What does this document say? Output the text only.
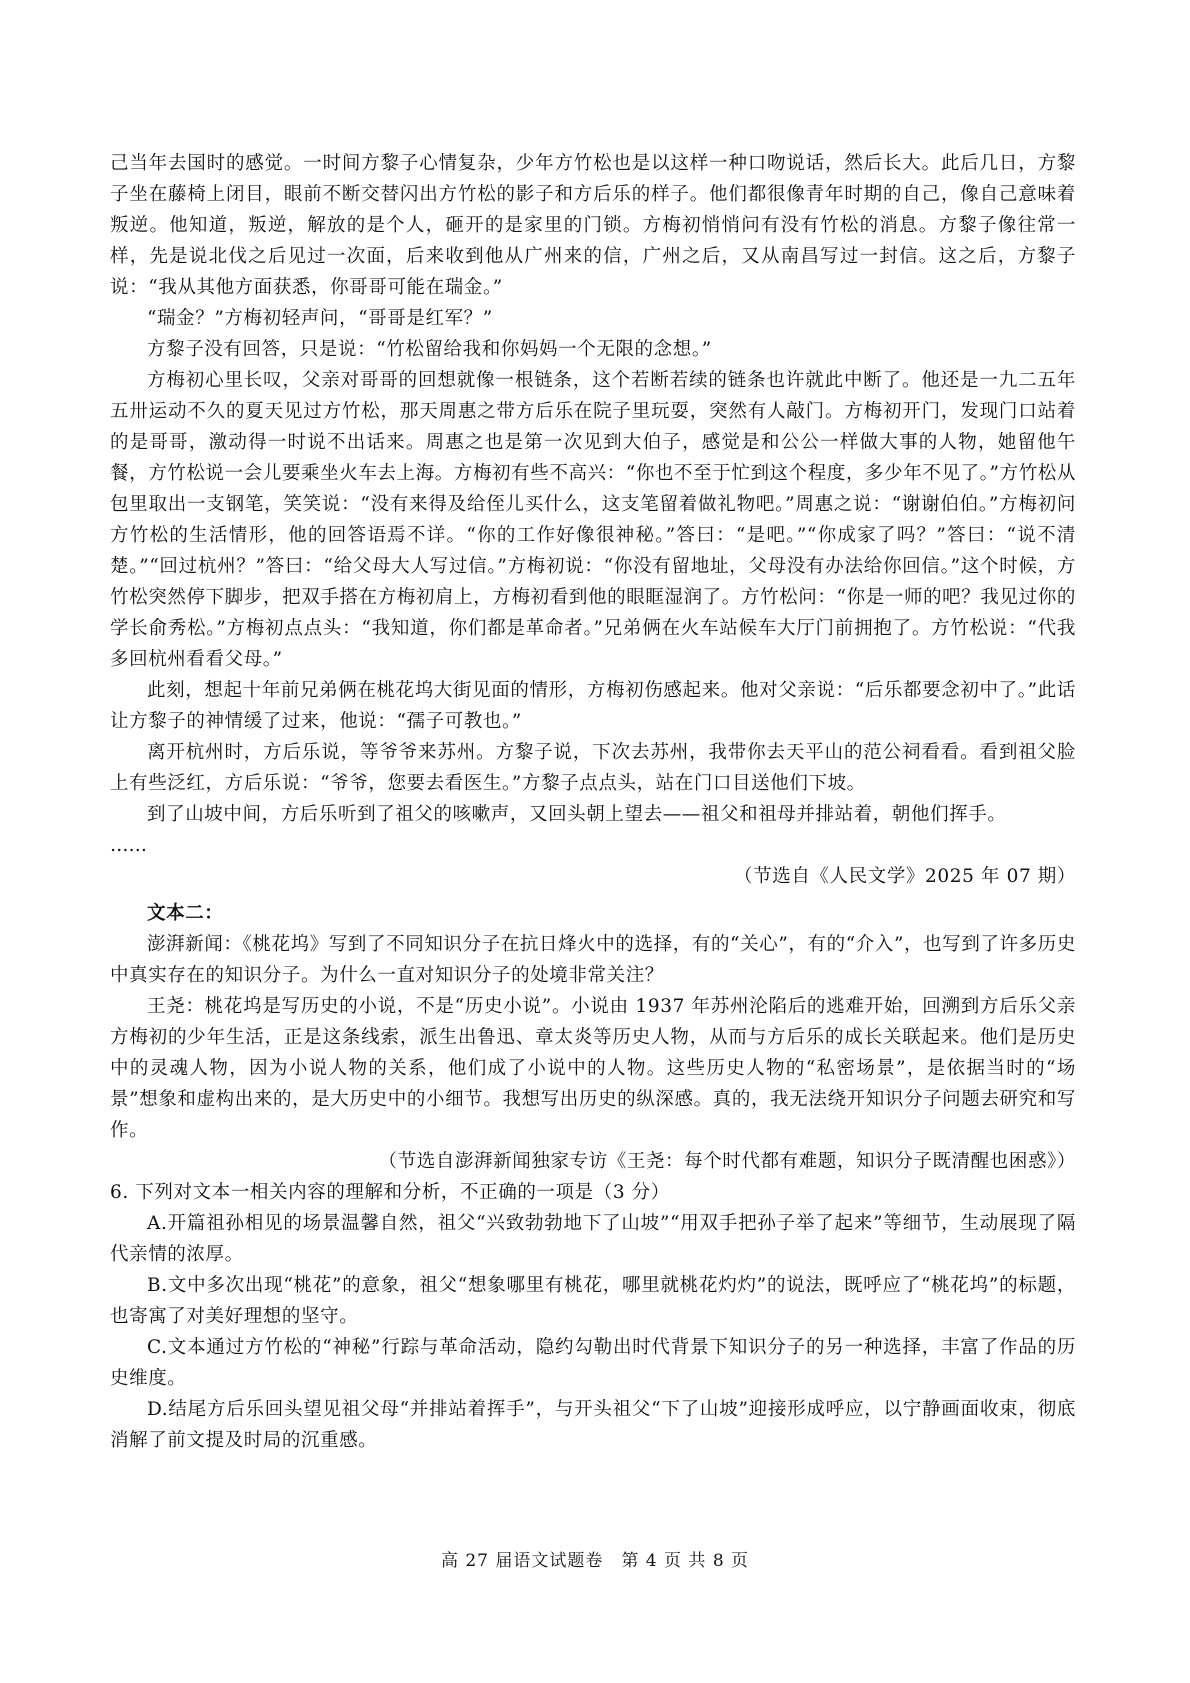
己当年去国时的感觉。一时间方黎子心情复杂，少年方竹松也是以这样一种口吻说话，然后长大。此后几日，方黎子坐在藤椅上闭目，眼前不断交替闪出方竹松的影子和方后乐的样子。他们都很像青年时期的自己，像自己意味着叛逆。他知道，叛逆，解放的是个人，砸开的是家里的门锁。方梅初悄悄问有没有竹松的消息。方黎子像往常一样，先是说北伐之后见过一次面，后来收到他从广州来的信，广州之后，又从南昌写过一封信。这之后，方黎子说：“我从其他方面获悉，你哥哥可能在瑞金。”

“瑞金？”方梅初轻声问，“哥哥是红军？”

方黎子没有回答，只是说：“竹松留给我和你妈妈一个无限的念想。”

方梅初心里长叹，父亲对哥哥的回想就像一根链条，这个若断若续的链条也许就此中断了。他还是一九二五年五卅运动不久的夏天见过方竹松，那天周惠之带方后乐在院子里玩耍，突然有人敲门。方梅初开门，发现门口站着的是哥哥，激动得一时说不出话来。周惠之也是第一次见到大伯子，感觉是和公公一样做大事的人物，她留他午餐，方竹松说一会儿要乘坐火车去上海。方梅初有些不高兴：“你也不至于忙到这个程度，多少年不见了。”方竹松从包里取出一支钢笔，笑笑说：“没有来得及给侄儿买什么，这支笔留着做礼物吧。”周惠之说：“谢谢伯伯。”方梅初问方竹松的生活情形，他的回答语焉不详。“你的工作好像很神秘。”答曰：“是吧。”“你成家了吗？”答曰：“说不清楚。”“回过杭州？”答曰：“给父母大人写过信。”方梅初说：“你没有留地址，父母没有办法给你回信。”这个时候，方竹松突然停下脚步，把双手搭在方梅初肩上，方梅初看到他的眼眶湿润了。方竹松问：“你是一师的吧？我见过你的学长俞秀松。”方梅初点点头：“我知道，你们都是革命者。”兄弟俩在火车站候车大厅门前拥抱了。方竹松说：“代我多回杭州看看父母。”

此刻，想起十年前兄弟俩在桃花坞大街见面的情形，方梅初伤感起来。他对父亲说：“后乐都要念初中了。”此话让方黎子的神情缓了过来，他说：“孺子可教也。”

离开杭州时，方后乐说，等爷爷来苏州。方黎子说，下次去苏州，我带你去天平山的范公祠看看。看到祖父脸上有些泛红，方后乐说：“爷爷，您要去看医生。”方黎子点点头，站在门口目送他们下坡。

到了山坡中间，方后乐听到了祖父的咳嗽声，又回头朝上望去——祖父和祖母并排站着，朝他们挥手。

……

（节选自《人民文学》2025 年 07 期）

文本二：

澎湃新闻：《桃花坞》写到了不同知识分子在抗日烽火中的选择，有的“关心”，有的“介入”，也写到了许多历史中真实存在的知识分子。为什么一直对知识分子的处境非常关注？

王尧：桃花坞是写历史的小说，不是“历史小说”。小说由 1937 年苏州沦陷后的逃难开始，回溯到方后乐父亲方梅初的少年生活，正是这条线索，派生出鲁迅、章太炎等历史人物，从而与方后乐的成长关联起来。他们是历史中的灵魂人物，因为小说人物的关系，他们成了小说中的人物。这些历史人物的“私密场景”，是依据当时的“场景”想象和虚构出来的，是大历史中的小细节。我想写出历史的纵深感。真的，我无法绕开知识分子问题去研究和写作。

（节选自澎湃新闻独家专访《王尧：每个时代都有难题，知识分子既清醒也困惑》）

6. 下列对文本一相关内容的理解和分析，不正确的一项是（3 分）

A.开篇祖孙相见的场景温馨自然，祖父“兴致勃勃地下了山坡”“用双手把孙子举了起来”等细节，生动展现了隔代亲情的浓厚。

B.文中多次出现“桃花”的意象，祖父“想象哪里有桃花，哪里就桃花灼灼”的说法，既呼应了“桃花坞”的标题，也寄寓了对美好理想的坚守。

C.文本通过方竹松的“神秘”行踪与革命活动，隐约勾勒出时代背景下知识分子的另一种选择，丰富了作品的历史维度。

D.结尾方后乐回头望见祖父母“并排站着挥手”，与开头祖父“下了山坡”迎接形成呼应，以宁静画面收束，彻底消解了前文提及时局的沉重感。

高 27 届语文试题卷　第 4 页 共 8 页
